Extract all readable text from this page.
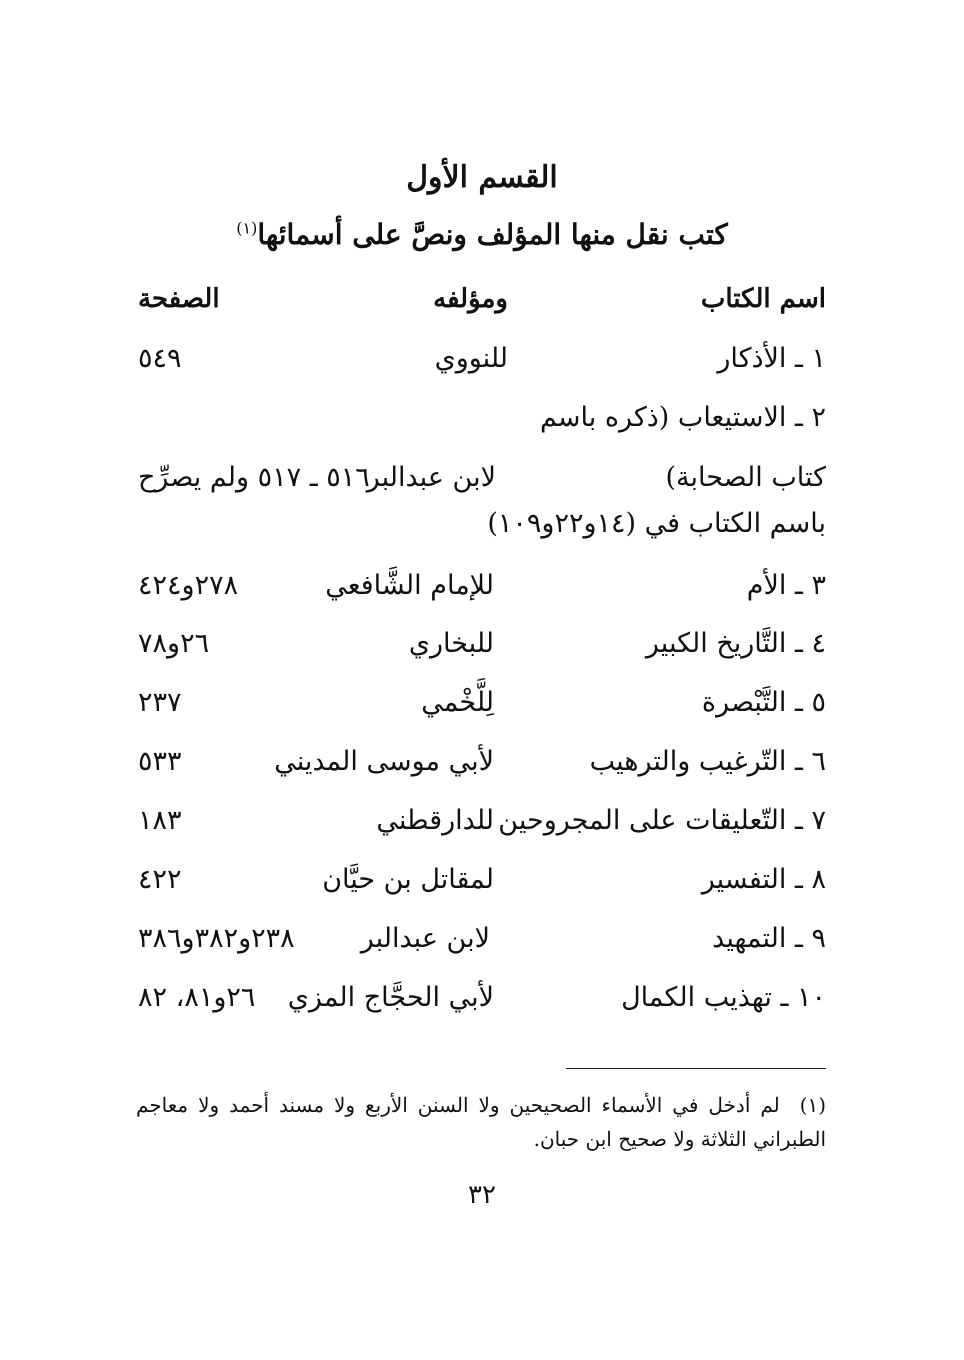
القسم الأول
كتب نقل منها المؤلف ونصَّ على أسمائها$^{(١)}$
اسم الكتاب
ومؤلفه
الصفحة
١ ـ الأذكار
للنووي
٥٤٩
٢ ـ الاستيعاب (ذكره باسم
كتاب الصحابة)
لابن عبدالبر
٥١٦ ـ ٥١٧ ولم يصرِّح
باسم الكتاب في (١٤و٢٢و١٠٩)
٣ ـ الأم
للإمام الشَّافعي
٢٧٨و٤٢٤
٤ ـ التَّاريخ الكبير
للبخاري
٢٦و٧٨
٥ ـ التَّبْصرة
لِلَّخْمي
٢٣٧
٦ ـ التّرغيب والترهيب
لأبي موسى المديني
٥٣٣
٧ ـ التّعليقات على المجروحين
للدارقطني
١٨٣
٨ ـ التفسير
لمقاتل بن حيَّان
٤٢٢
٩ ـ التمهيد
لابن عبدالبر
٢٣٨و٣٨٢و٣٨٦
١٠ ـ تهذيب الكمال
لأبي الحجَّاج المزي
٢٦و٨١، ٨٢
(١)  لم أدخل في الأسماء الصحيحين ولا السنن الأربع ولا مسند أحمد ولا معاجم الطبراني الثلاثة ولا صحيح ابن حبان.
٣٢
